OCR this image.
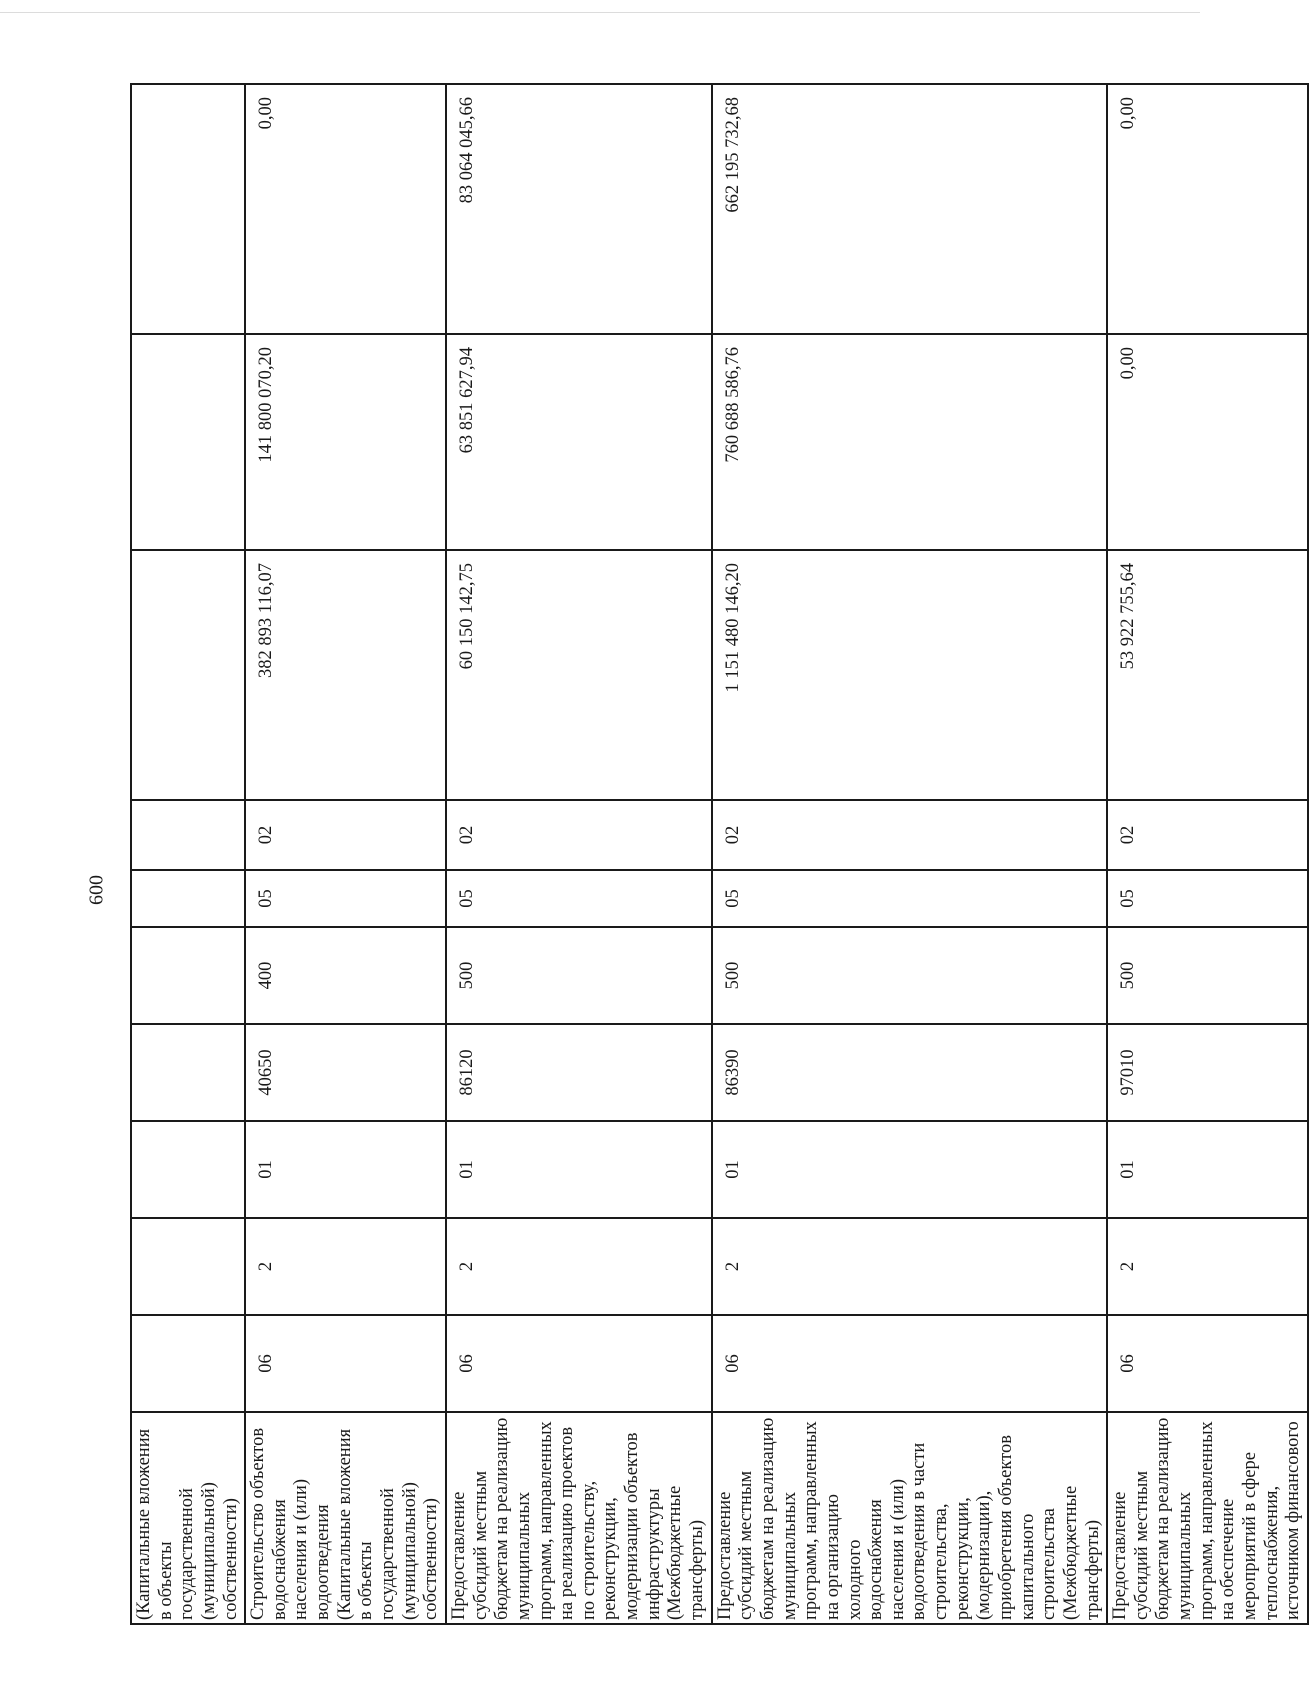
600
(Капитальные вложения в объекты государственной (муниципальной) собственности)										
Строительство объектов водоснабжения населения и (или) водоотведения (Капитальные вложения в объекты государственной (муниципальной) собственности)	06	2	01	40650	400	05	02	382 893 116,07	141 800 070,20	0,00
Предоставление субсидий местным бюджетам на реализацию муниципальных программ, направленных на реализацию проектов по строительству, реконструкции, модернизации объектов инфраструктуры (Межбюджетные трансферты)	06	2	01	86120	500	05	02	60 150 142,75	63 851 627,94	83 064 045,66
Предоставление субсидий местным бюджетам на реализацию муниципальных программ, направленных на организацию холодного водоснабжения населения и (или) водоотведения в части строительства, реконструкции, (модернизации), приобретения объектов капитального строительства (Межбюджетные трансферты)	06	2	01	86390	500	05	02	1 151 480 146,20	760 688 586,76	662 195 732,68
Предоставление субсидий местным бюджетам на реализацию муниципальных программ, направленных на обеспечение мероприятий в сфере теплоснабжения, источником финансового	06	2	01	97010	500	05	02	53 922 755,64	0,00	0,00
